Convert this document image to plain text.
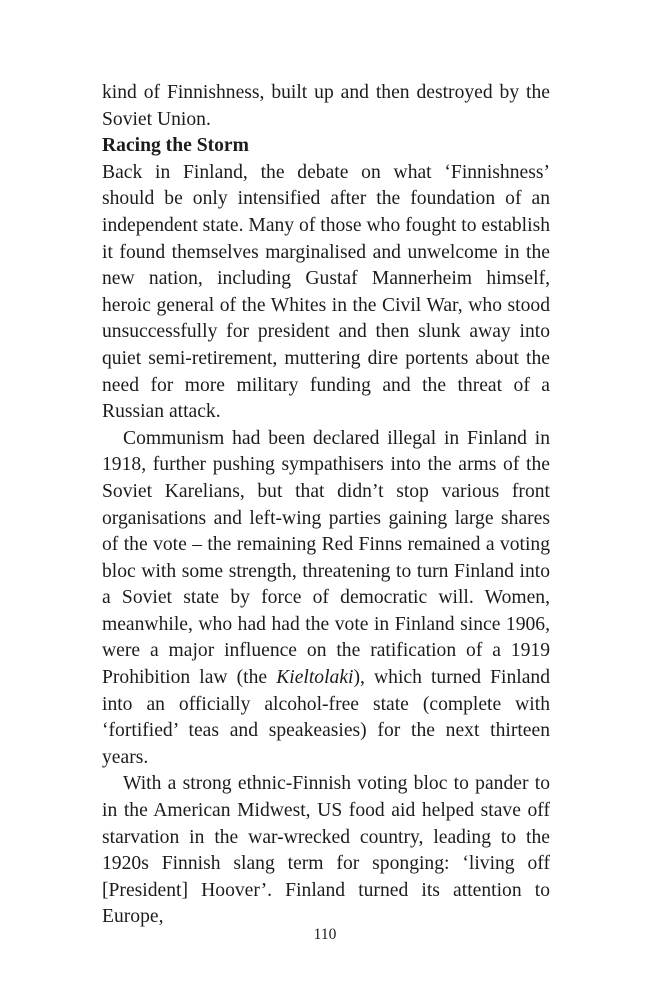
kind of Finnishness, built up and then destroyed by the Soviet Union.

Racing the Storm

Back in Finland, the debate on what ‘Finnishness’ should be only intensified after the foundation of an independent state. Many of those who fought to establish it found themselves marginalised and unwelcome in the new nation, including Gustaf Mannerheim himself, heroic general of the Whites in the Civil War, who stood unsuccessfully for president and then slunk away into quiet semi-retirement, muttering dire portents about the need for more military funding and the threat of a Russian attack.

Communism had been declared illegal in Finland in 1918, further pushing sympathisers into the arms of the Soviet Karelians, but that didn’t stop various front organisations and left-wing parties gaining large shares of the vote – the remaining Red Finns remained a voting bloc with some strength, threatening to turn Finland into a Soviet state by force of democratic will. Women, meanwhile, who had had the vote in Finland since 1906, were a major influence on the ratification of a 1919 Prohibition law (the Kieltolaki), which turned Finland into an officially alcohol-free state (complete with ‘fortified’ teas and speakeasies) for the next thirteen years.

With a strong ethnic-Finnish voting bloc to pander to in the American Midwest, US food aid helped stave off starvation in the war-wrecked country, leading to the 1920s Finnish slang term for sponging: ‘living off [President] Hoover’. Finland turned its attention to Europe,

110
